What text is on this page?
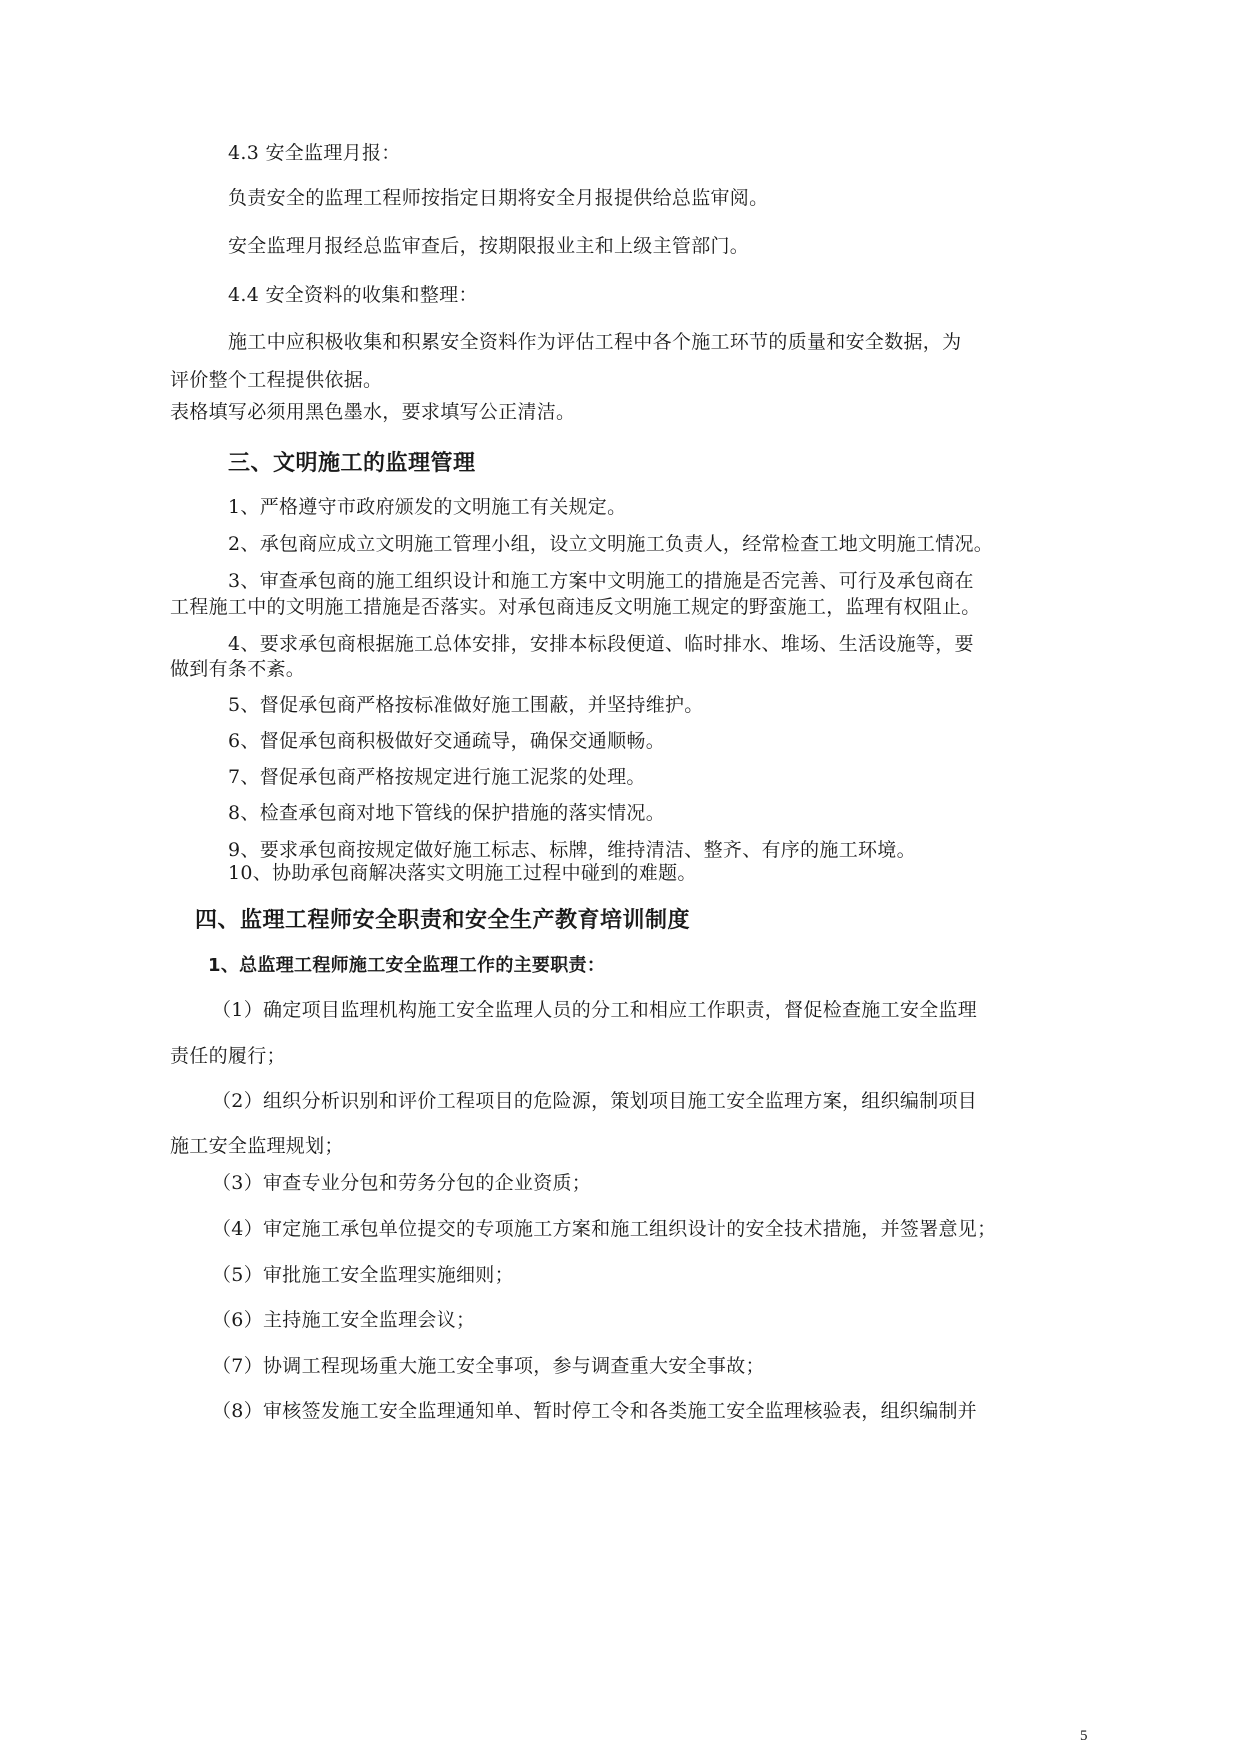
4.3 安全监理月报：
负责安全的监理工程师按指定日期将安全月报提供给总监审阅。
安全监理月报经总监审查后，按期限报业主和上级主管部门。
4.4 安全资料的收集和整理：
施工中应积极收集和积累安全资料作为评估工程中各个施工环节的质量和安全数据，为
评价整个工程提供依据。
表格填写必须用黑色墨水，要求填写公正清洁。
三、文明施工的监理管理
1、严格遵守市政府颁发的文明施工有关规定。
2、承包商应成立文明施工管理小组，设立文明施工负责人，经常检查工地文明施工情况。
3、审查承包商的施工组织设计和施工方案中文明施工的措施是否完善、可行及承包商在
工程施工中的文明施工措施是否落实。对承包商违反文明施工规定的野蛮施工，监理有权阻止。
4、要求承包商根据施工总体安排，安排本标段便道、临时排水、堆场、生活设施等，要
做到有条不紊。
5、督促承包商严格按标准做好施工围蔽，并坚持维护。
6、督促承包商积极做好交通疏导，确保交通顺畅。
7、督促承包商严格按规定进行施工泥浆的处理。
8、检查承包商对地下管线的保护措施的落实情况。
9、要求承包商按规定做好施工标志、标牌，维持清洁、整齐、有序的施工环境。
10、协助承包商解决落实文明施工过程中碰到的难题。
四、监理工程师安全职责和安全生产教育培训制度
1、总监理工程师施工安全监理工作的主要职责：
（1）确定项目监理机构施工安全监理人员的分工和相应工作职责，督促检查施工安全监理
责任的履行；
（2）组织分析识别和评价工程项目的危险源，策划项目施工安全监理方案，组织编制项目
施工安全监理规划；
（3）审查专业分包和劳务分包的企业资质；
（4）审定施工承包单位提交的专项施工方案和施工组织设计的安全技术措施，并签署意见；
（5）审批施工安全监理实施细则；
（6）主持施工安全监理会议；
（7）协调工程现场重大施工安全事项，参与调查重大安全事故；
（8）审核签发施工安全监理通知单、暂时停工令和各类施工安全监理核验表，组织编制并
5
